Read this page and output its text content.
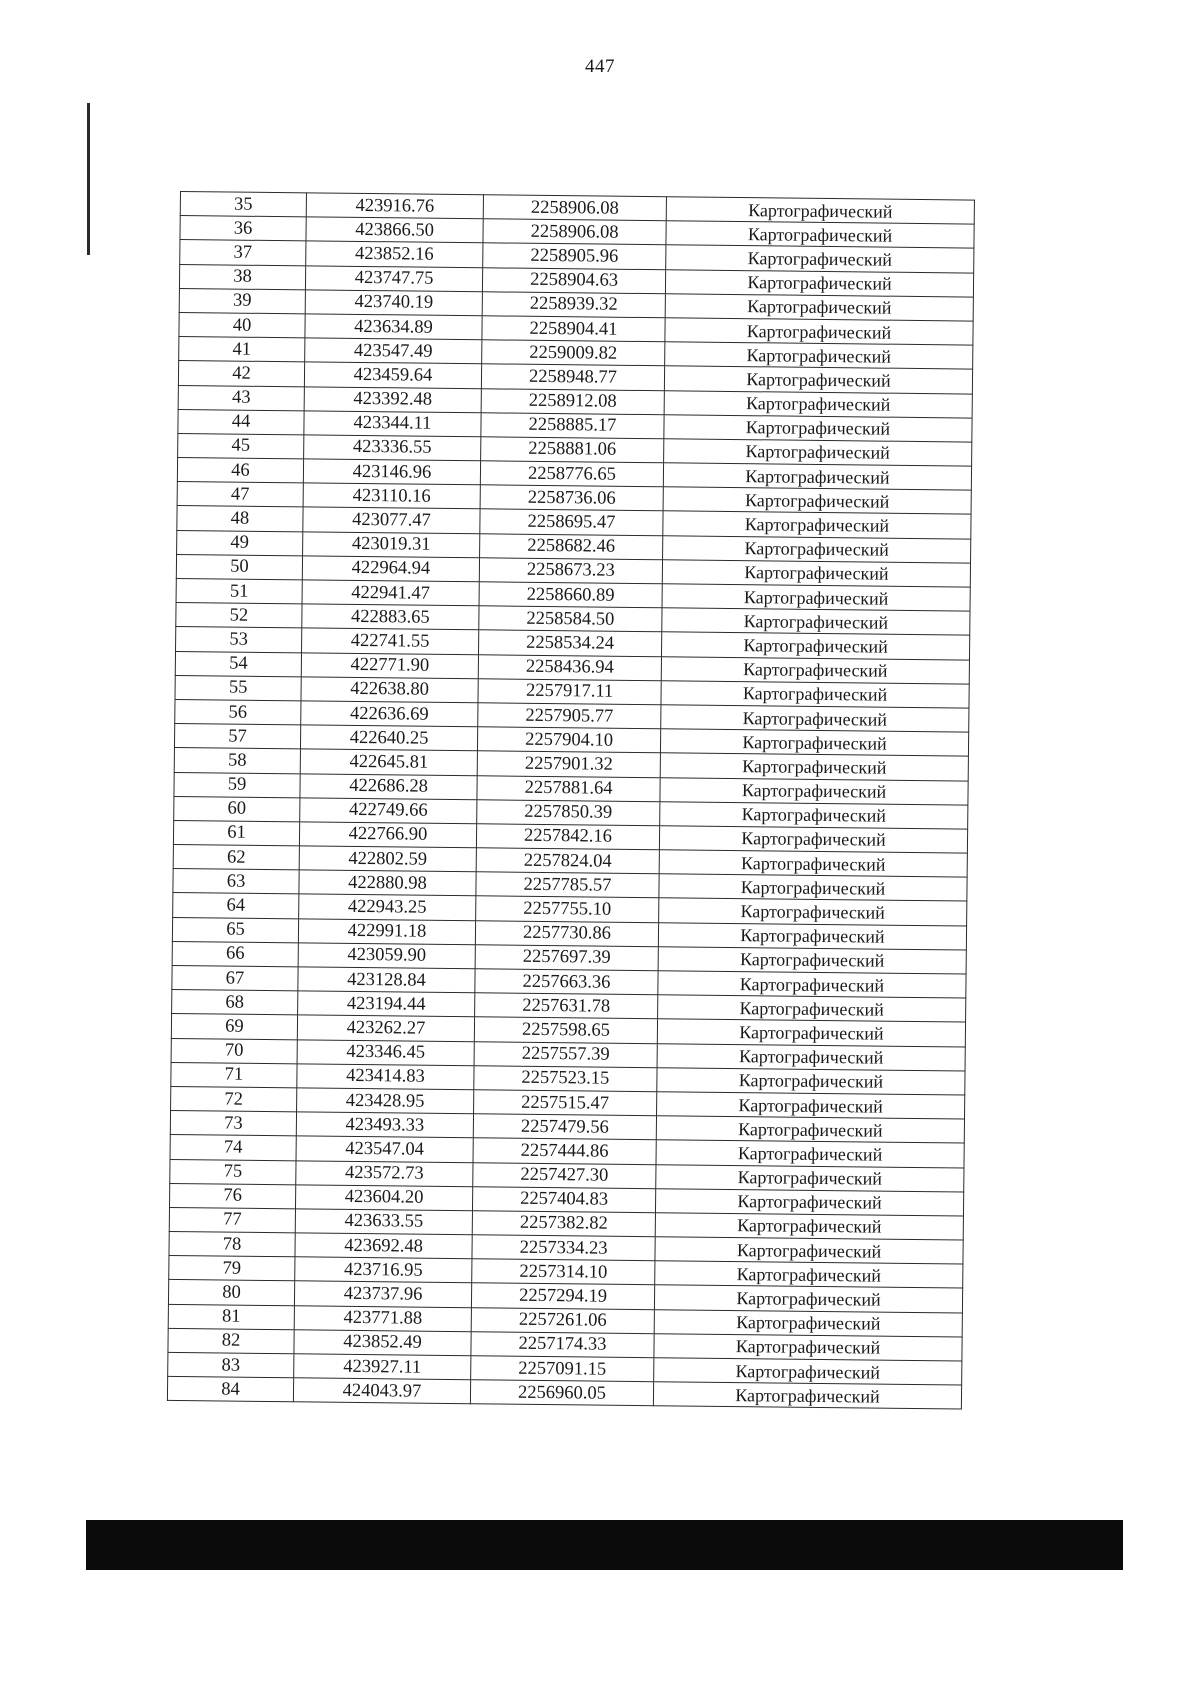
447
35	423916.76	2258906.08	Картографический
36	423866.50	2258906.08	Картографический
37	423852.16	2258905.96	Картографический
38	423747.75	2258904.63	Картографический
39	423740.19	2258939.32	Картографический
40	423634.89	2258904.41	Картографический
41	423547.49	2259009.82	Картографический
42	423459.64	2258948.77	Картографический
43	423392.48	2258912.08	Картографический
44	423344.11	2258885.17	Картографический
45	423336.55	2258881.06	Картографический
46	423146.96	2258776.65	Картографический
47	423110.16	2258736.06	Картографический
48	423077.47	2258695.47	Картографический
49	423019.31	2258682.46	Картографический
50	422964.94	2258673.23	Картографический
51	422941.47	2258660.89	Картографический
52	422883.65	2258584.50	Картографический
53	422741.55	2258534.24	Картографический
54	422771.90	2258436.94	Картографический
55	422638.80	2257917.11	Картографический
56	422636.69	2257905.77	Картографический
57	422640.25	2257904.10	Картографический
58	422645.81	2257901.32	Картографический
59	422686.28	2257881.64	Картографический
60	422749.66	2257850.39	Картографический
61	422766.90	2257842.16	Картографический
62	422802.59	2257824.04	Картографический
63	422880.98	2257785.57	Картографический
64	422943.25	2257755.10	Картографический
65	422991.18	2257730.86	Картографический
66	423059.90	2257697.39	Картографический
67	423128.84	2257663.36	Картографический
68	423194.44	2257631.78	Картографический
69	423262.27	2257598.65	Картографический
70	423346.45	2257557.39	Картографический
71	423414.83	2257523.15	Картографический
72	423428.95	2257515.47	Картографический
73	423493.33	2257479.56	Картографический
74	423547.04	2257444.86	Картографический
75	423572.73	2257427.30	Картографический
76	423604.20	2257404.83	Картографический
77	423633.55	2257382.82	Картографический
78	423692.48	2257334.23	Картографический
79	423716.95	2257314.10	Картографический
80	423737.96	2257294.19	Картографический
81	423771.88	2257261.06	Картографический
82	423852.49	2257174.33	Картографический
83	423927.11	2257091.15	Картографический
84	424043.97	2256960.05	Картографический
